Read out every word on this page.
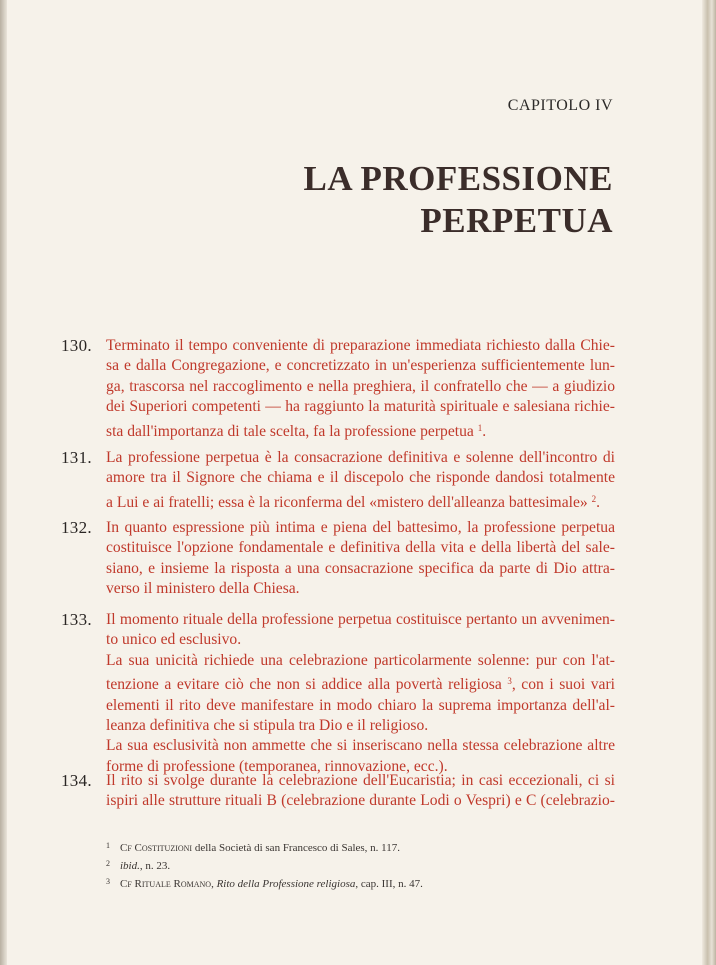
CAPITOLO IV
LA PROFESSIONE
PERPETUA
130. Terminato il tempo conveniente di preparazione immediata richiesto dalla Chie-
sa e dalla Congregazione, e concretizzato in un'esperienza sufficientemente lun-
ga, trascorsa nel raccoglimento e nella preghiera, il confratello che — a giudizio
dei Superiori competenti — ha raggiunto la maturità spirituale e salesiana richie-
sta dall'importanza di tale scelta, fa la professione perpetua $^1$.
131. La professione perpetua è la consacrazione definitiva e solenne dell'incontro di
amore tra il Signore che chiama e il discepolo che risponde dandosi totalmente
a Lui e ai fratelli; essa è la riconferma del «mistero dell'alleanza battesimale» $^2$.
132. In quanto espressione più intima e piena del battesimo, la professione perpetua
costituisce l'opzione fondamentale e definitiva della vita e della libertà del sale-
siano, e insieme la risposta a una consacrazione specifica da parte di Dio attra-
verso il ministero della Chiesa.
133. Il momento rituale della professione perpetua costituisce pertanto un avvenimen-
to unico ed esclusivo.
La sua unicità richiede una celebrazione particolarmente solenne: pur con l'at-
tenzione a evitare ciò che non si addice alla povertà religiosa $^3$, con i suoi vari
elementi il rito deve manifestare in modo chiaro la suprema importanza dell'al-
leanza definitiva che si stipula tra Dio e il religioso.
La sua esclusività non ammette che si inseriscano nella stessa celebrazione altre
forme di professione (temporanea, rinnovazione, ecc.).
134. Il rito si svolge durante la celebrazione dell'Eucaristia; in casi eccezionali, ci si
ispiri alle strutture rituali B (celebrazione durante Lodi o Vespri) e C (celebrazio-
1 Cf Costituzioni della Società di san Francesco di Sales, n. 117.
2 ibid., n. 23.
3 Cf Rituale Romano, Rito della Professione religiosa, cap. III, n. 47.
